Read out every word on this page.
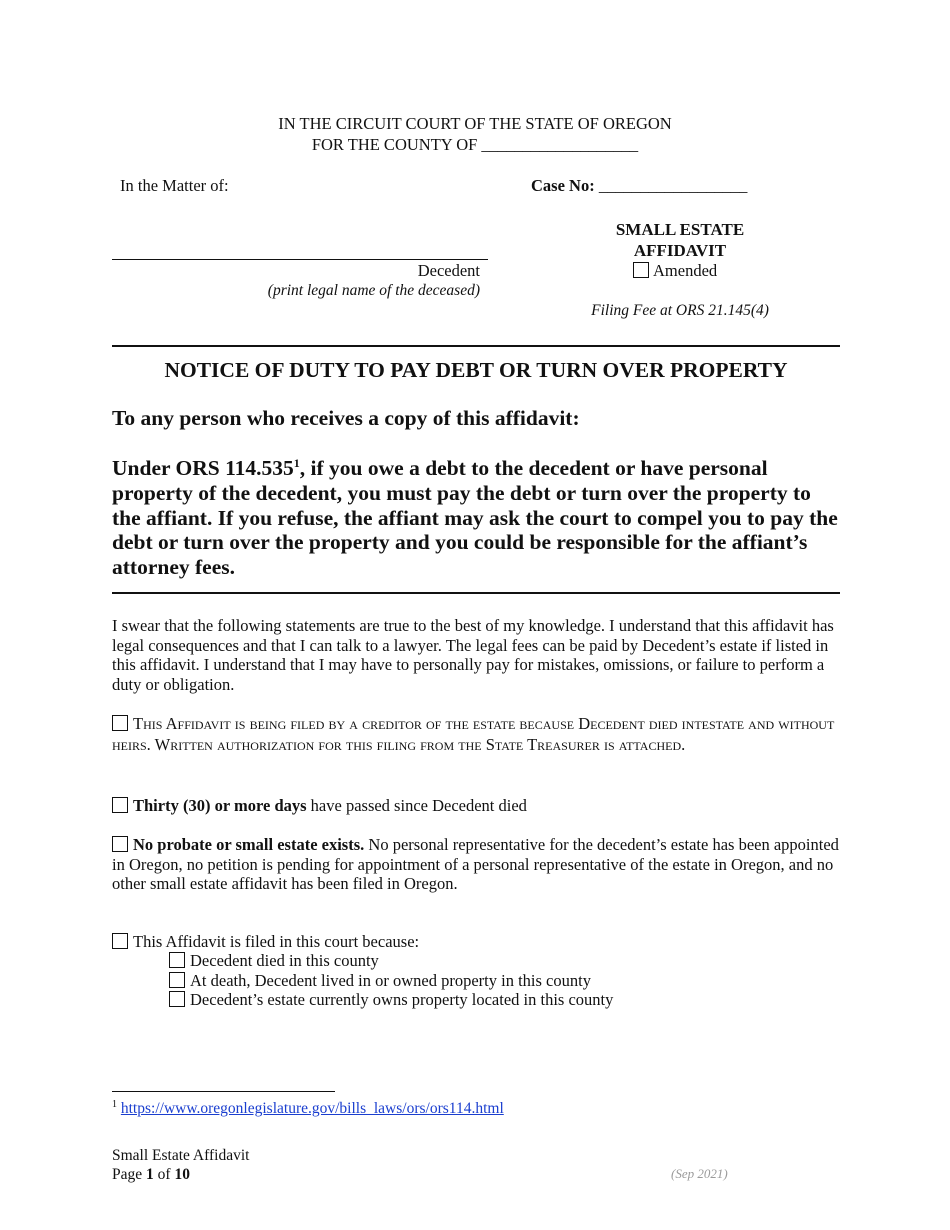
IN THE CIRCUIT COURT OF THE STATE OF OREGON
FOR THE COUNTY OF ___________________
In the Matter of:
Decedent
(print legal name of the deceased)
Case No: __________________
SMALL ESTATE
AFFIDAVIT
Amended
Filing Fee at ORS 21.145(4)
NOTICE OF DUTY TO PAY DEBT OR TURN OVER PROPERTY
To any person who receives a copy of this affidavit:
Under ORS 114.535$^1$, if you owe a debt to the decedent or have personal property of the decedent, you must pay the debt or turn over the property to the affiant. If you refuse, the affiant may ask the court to compel you to pay the debt or turn over the property and you could be responsible for the affiant’s attorney fees.

I swear that the following statements are true to the best of my knowledge. I understand that this affidavit has legal consequences and that I can talk to a lawyer. The legal fees can be paid by Decedent’s estate if listed in this affidavit. I understand that I may have to personally pay for mistakes, omissions, or failure to perform a duty or obligation.

This Affidavit is being filed by a creditor of the estate because Decedent died intestate and without heirs. Written authorization for this filing from the State Treasurer is attached.
Thirty (30) or more days have passed since Decedent died
No probate or small estate exists. No personal representative for the decedent’s estate has been appointed in Oregon, no petition is pending for appointment of a personal representative of the estate in Oregon, and no other small estate affidavit has been filed in Oregon.
This Affidavit is filed in this court because:
Decedent died in this county
At death, Decedent lived in or owned property in this county
Decedent’s estate currently owns property located in this county
$^1$ https://www.oregonlegislature.gov/bills_laws/ors/ors114.html
Small Estate Affidavit
Page 1 of 10	(Sep 2021)
